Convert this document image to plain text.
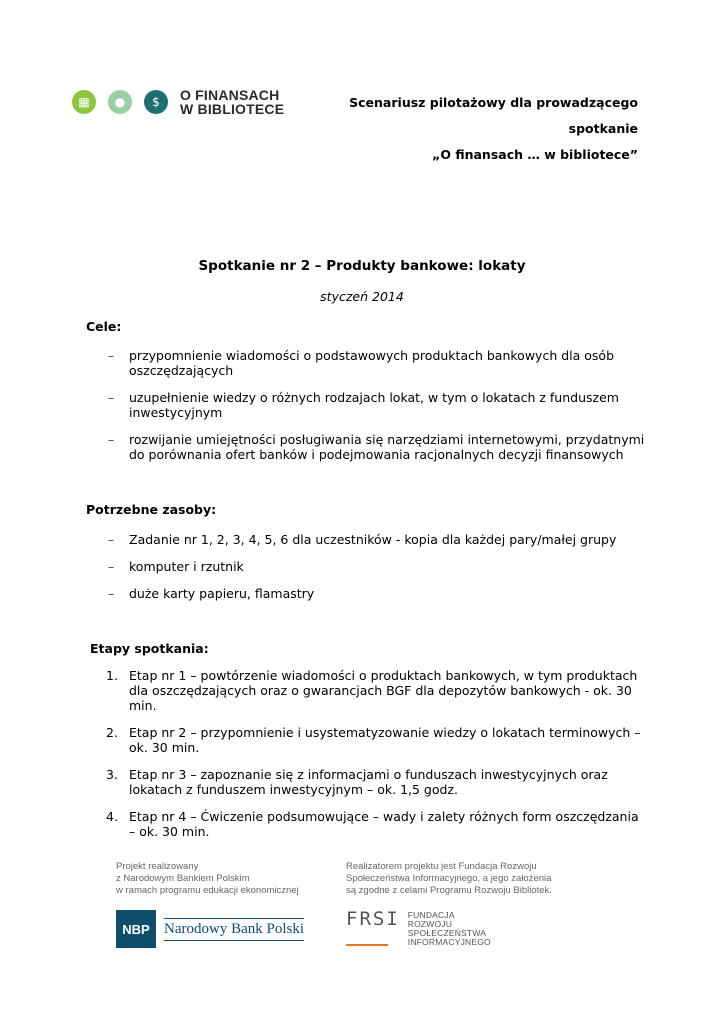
▦	●	$	O FINANSACH
W BIBLIOTECE	Scenariusz pilotażowy dla prowadzącego
spotkanie
„O finansach … w bibliotece”
Spotkanie nr 2 – Produkty bankowe: lokaty
styczeń 2014
Cele:
– przypomnienie wiadomości o podstawowych produktach bankowych dla osób oszczędzających
– uzupełnienie wiedzy o różnych rodzajach lokat, w tym o lokatach z funduszem inwestycyjnym
– rozwijanie umiejętności posługiwania się narzędziami internetowymi, przydatnymi do porównania ofert banków i podejmowania racjonalnych decyzji finansowych
Potrzebne zasoby:
– Zadanie nr 1, 2, 3, 4, 5, 6 dla uczestników - kopia dla każdej pary/małej grupy
– komputer i rzutnik
– duże karty papieru, flamastry
Etapy spotkania:
1. Etap nr 1 – powtórzenie wiadomości o produktach bankowych, w tym produktach dla oszczędzających oraz o gwarancjach BGF dla depozytów bankowych - ok. 30 min.
2. Etap nr 2 – przypomnienie i usystematyzowanie wiedzy o lokatach terminowych – ok. 30 min.
3. Etap nr 3 – zapoznanie się z informacjami o funduszach inwestycyjnych oraz lokatach z funduszem inwestycyjnym – ok. 1,5 godz.
4. Etap nr 4 – Ćwiczenie podsumowujące – wady i zalety różnych form oszczędzania – ok. 30 min.
Projekt realizowany
z Narodowym Bankiem Polskim
w ramach programu edukacji ekonomicznej
NBP Narodowy Bank Polski
Realizatorem projektu jest Fundacja Rozwoju
Społeczeństwa Informacyjnego, a jego założenia
są zgodne z celami Programu Rozwoju Bibliotek.
FRSI FUNDACJA
ROZWOJU
SPOŁECZEŃSTWA
INFORMACYJNEGO
